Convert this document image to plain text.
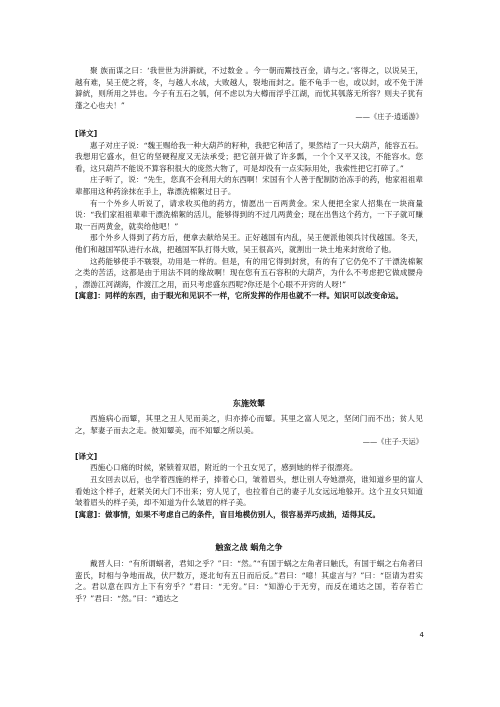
聚 族而谋之曰：‘我世世为洴澼絖，不过数金 。今一朝而鬻技百金，请与之。’客得之，以说吴王，越有难，吴王使之将，冬，与越人水战，大败越人，裂地而封之。能不龟手一也，或以封，或不免于洴澼絖，则所用之异也。今子有五石之瓠，何不虑以为大樽而浮乎江湖，而忧其瓠落无所容？则夫子犹有蓬之心也夫！”

——《庄子·逍遥游》

[译文]

惠子对庄子说：“魏王赐给我一种大葫芦的籽种，我把它种活了，果然结了一只大葫芦，能容五石。我想用它盛水，但它的坚硬程度又无法承受；把它剖开做了许多瓢，一个个又平又浅，不能容水。您看，这只葫芦不能说不算容积很大的庞然大物了，可是却没有一点实际用处，我索性把它打碎了。”

庄子听了，说：“先生，您真不会利用大的东西啊！宋国有个人善于配制防治冻手的药，他家祖祖辈辈都用这种药涂抹在手上，靠漂洗棉絮过日子。

有一个外乡人听说了，请求收买他的药方，情愿出一百两黄金。宋人便把全家人招集在一块商量说：“我们家祖祖辈辈干漂洗棉絮的活儿，能够得到的不过几两黄金；现在出售这个药方，一下子就可赚取一百两黄金，就卖给他吧！”

那个外乡人得到了药方后，便拿去献给吴王。正好越国有内乱，吴王便派他领兵讨伐越国。冬天，他们和越国军队进行水战，把越国军队打得大败，吴王很高兴，就割出一块土地来封赏给了他。

这药能够使手不皲裂，功用是一样的。但是，有的用它得到封赏，有的有了它仍免不了干漂洗棉絮之类的苦活，这都是由于用法不同的缘故啊！现在您有五石容积的大葫芦，为什么不考虑把它做成腰舟 ，漂游江河湖海，作渡江之用，而只考虑盛东西呢?你还是个心眼不开窍的人呀!”

[寓意]：同样的东西，由于眼光和见识不一样，它所发挥的作用也就不一样。知识可以改变命运。

东施效颦

西施病心而颦，其里之丑人见而美之，归亦捧心而颦。其里之富人见之，坚闭门而不出；贫人见之，挈妻子而去之走。彼知颦美，而不知颦之所以美。

——《庄子·天运》

[译文]

西施心口痛的时候，紧锁着双眉，附近的一个丑女见了，感到她的样子很漂亮。

丑女回去以后，也学着西施的样子，捧着心口，皱着眉头，想让别人夸她漂亮，谁知道乡里的富人看她这个样子，赶紧关闭大门不出来；穷人见了，也拉着自己的妻子儿女远远地躲开。这个丑女只知道皱着眉头的样子美，却不知道为什么皱眉的样子美。

[寓意]：做事情，如果不考虑自己的条件，盲目地模仿别人，很容易弄巧成拙，适得其反。

触蛮之战 蜗角之争

戴晋人曰：“有所谓蜗者，君知之乎？”曰：“然。”“有国于蜗之左角者曰触氏，有国于蜗之右角者曰 蛮氏，时相与争地而战，伏尸数万，逐北旬有五日而后反。”君曰：“噫！其虚言与？”曰：“臣请为君实之。君以意在四方上下有穷乎？”君曰：“无穷。”曰：“知游心于无穷，而反在通达之国，若存若亡乎？”君曰：“然。”曰：“通达之

4
